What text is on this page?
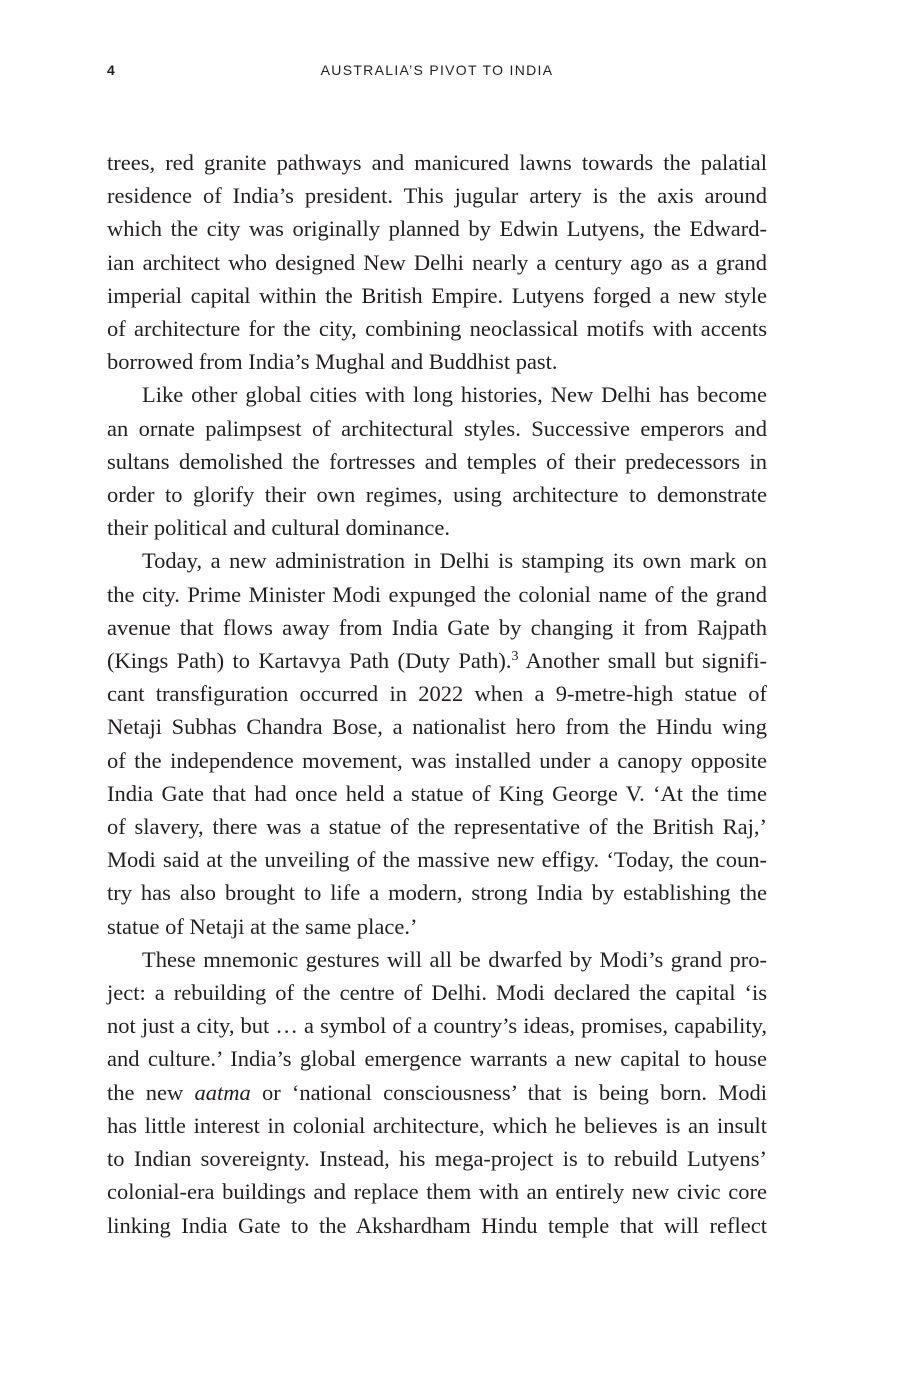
4	AUSTRALIA’S PIVOT TO INDIA

trees, red granite pathways and manicured lawns towards the palatial
residence of India’s president. This jugular artery is the axis around
which the city was originally planned by Edwin Lutyens, the Edward-
ian architect who designed New Delhi nearly a century ago as a grand
imperial capital within the British Empire. Lutyens forged a new style
of architecture for the city, combining neoclassical motifs with accents
borrowed from India’s Mughal and Buddhist past.

Like other global cities with long histories, New Delhi has become
an ornate palimpsest of architectural styles. Successive emperors and
sultans demolished the fortresses and temples of their predecessors in
order to glorify their own regimes, using architecture to demonstrate
their political and cultural dominance.

Today, a new administration in Delhi is stamping its own mark on
the city. Prime Minister Modi expunged the colonial name of the grand
avenue that flows away from India Gate by changing it from Rajpath
(Kings Path) to Kartavya Path (Duty Path).$^3$ Another small but signifi-
cant transfiguration occurred in 2022 when a 9-metre-high statue of
Netaji Subhas Chandra Bose, a nationalist hero from the Hindu wing
of the independence movement, was installed under a canopy opposite
India Gate that had once held a statue of King George V. ‘At the time
of slavery, there was a statue of the representative of the British Raj,’
Modi said at the unveiling of the massive new effigy. ‘Today, the coun-
try has also brought to life a modern, strong India by establishing the
statue of Netaji at the same place.’

These mnemonic gestures will all be dwarfed by Modi’s grand pro-
ject: a rebuilding of the centre of Delhi. Modi declared the capital ‘is
not just a city, but … a symbol of a country’s ideas, promises, capability,
and culture.’ India’s global emergence warrants a new capital to house
the new aatma or ‘national consciousness’ that is being born. Modi
has little interest in colonial architecture, which he believes is an insult
to Indian sovereignty. Instead, his mega-project is to rebuild Lutyens’
colonial-era buildings and replace them with an entirely new civic core
linking India Gate to the Akshardham Hindu temple that will reflect
